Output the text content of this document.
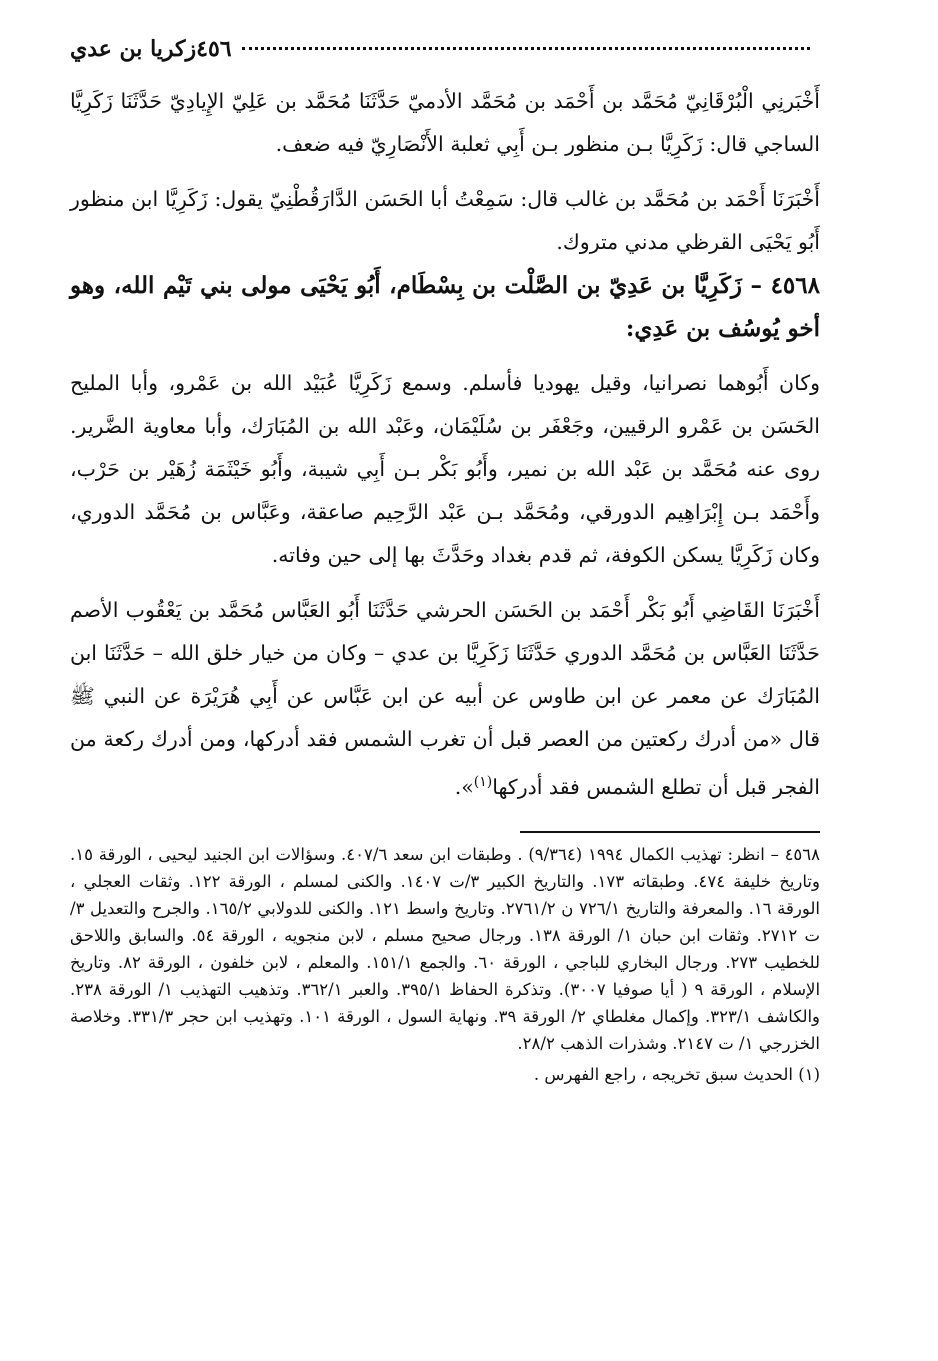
زكريا بن عدي ٤٥٦

أَخْبَرنِي الْبُرْقَانِيّ مُحَمَّد بن أَحْمَد بن مُحَمَّد الأدميّ حَدَّثَنَا مُحَمَّد بن عَلِيّ الإِيادِيّ حَدَّثَنَا زَكَرِيَّا الساجي قال: زَكَرِيَّا بـن منظور بـن أَبِي ثعلبة الأَنْصَارِيّ فيه ضعف.

أَخْبَرَنَا أَحْمَد بن مُحَمَّد بن غالب قال: سَمِعْتُ أبا الحَسَن الدَّارَقُطْنِيّ يقول: زَكَرِيَّا ابن منظور أَبُو يَحْيَى القرظي مدني متروك.

٤٥٦٨ – زَكَرِيَّا بن عَدِيّ بن الصَّلْت بن بِسْطَام، أَبُو يَحْيَى مولى بني تَيْم الله، وهو أخو يُوسُف بن عَدِي:

وكان أَبُوهما نصرانيا، وقيل يهوديا فأسلم. وسمع زَكَرِيَّا عُبَيْد الله بن عَمْرو، وأبا المليح الحَسَن بن عَمْرو الرقيين، وجَعْفَر بن سُلَيْمَان، وعَبْد الله بن المُبَارَك، وأبا معاوية الضَّرير. روى عنه مُحَمَّد بن عَبْد الله بن نمير، وأَبُو بَكْر بـن أَبِي شيبة، وأَبُو خَيْثَمَة زُهَيْر بن حَرْب، وأَحْمَد بـن إِبْرَاهِيم الدورقي، ومُحَمَّد بـن عَبْد الرَّحِيم صاعقة، وعَبَّاس بن مُحَمَّد الدوري، وكان زَكَرِيَّا يسكن الكوفة، ثم قدم بغداد وحَدَّثَ بها إلى حين وفاته.

أَخْبَرَنَا القَاضِي أَبُو بَكْر أَحْمَد بن الحَسَن الحرشي حَدَّثَنَا أَبُو العَبَّاس مُحَمَّد بن يَعْقُوب الأصم حَدَّثَنَا العَبَّاس بن مُحَمَّد الدوري حَدَّثَنَا زَكَرِيَّا بن عدي – وكان من خيار خلق الله – حَدَّثَنَا ابن المُبَارَك عن معمر عن ابن طاوس عن أبيه عن ابن عَبَّاس عن أَبِي هُرَيْرَة عن النبي ﷺ قال «من أدرك ركعتين من العصر قبل أن تغرب الشمس فقد أدركها، ومن أدرك ركعة من الفجر قبل أن تطلع الشمس فقد أدركها$^{(١)}$».

٤٥٦٨ – انظر: تهذيب الكمال ١٩٩٤ (٩/٣٦٤) . وطبقات ابن سعد ٤٠٧/٦. وسؤالات ابن الجنيد ليحيى ، الورقة ١٥. وتاريخ خليفة ٤٧٤. وطبقاته ١٧٣. والتاريخ الكبير ٣/ت ١٤٠٧. والكنى لمسلم ، الورقة ١٢٢. وثقات العجلي ، الورقة ١٦. والمعرفة والتاريخ ٧٢٦/١ ن ٢٧٦١/٢. وتاريخ واسط ١٢١. والكنى للدولابي ١٦٥/٢. والجرح والتعديل ٣/ ت ٢٧١٢. وثقات ابن حبان ١/ الورقة ١٣٨. ورجال صحيح مسلم ، لابن منجويه ، الورقة ٥٤. والسابق واللاحق للخطيب ٢٧٣. ورجال البخاري للباجي ، الورقة ٦٠. والجمع ١٥١/١. والمعلم ، لابن خلفون ، الورقة ٨٢. وتاريخ الإسلام ، الورقة ٩ ( أيا صوفيا ٣٠٠٧). وتذكرة الحفاظ ٣٩٥/١. والعبر ٣٦٢/١. وتذهيب التهذيب ١/ الورقة ٢٣٨. والكاشف ٣٢٣/١. وإكمال مغلطاي ٢/ الورقة ٣٩. ونهاية السول ، الورقة ١٠١. وتهذيب ابن حجر ٣٣١/٣. وخلاصة الخزرجي ١/ ت ٢١٤٧. وشذرات الذهب ٢٨/٢.

(١) الحديث سبق تخريجه ، راجع الفهرس .
